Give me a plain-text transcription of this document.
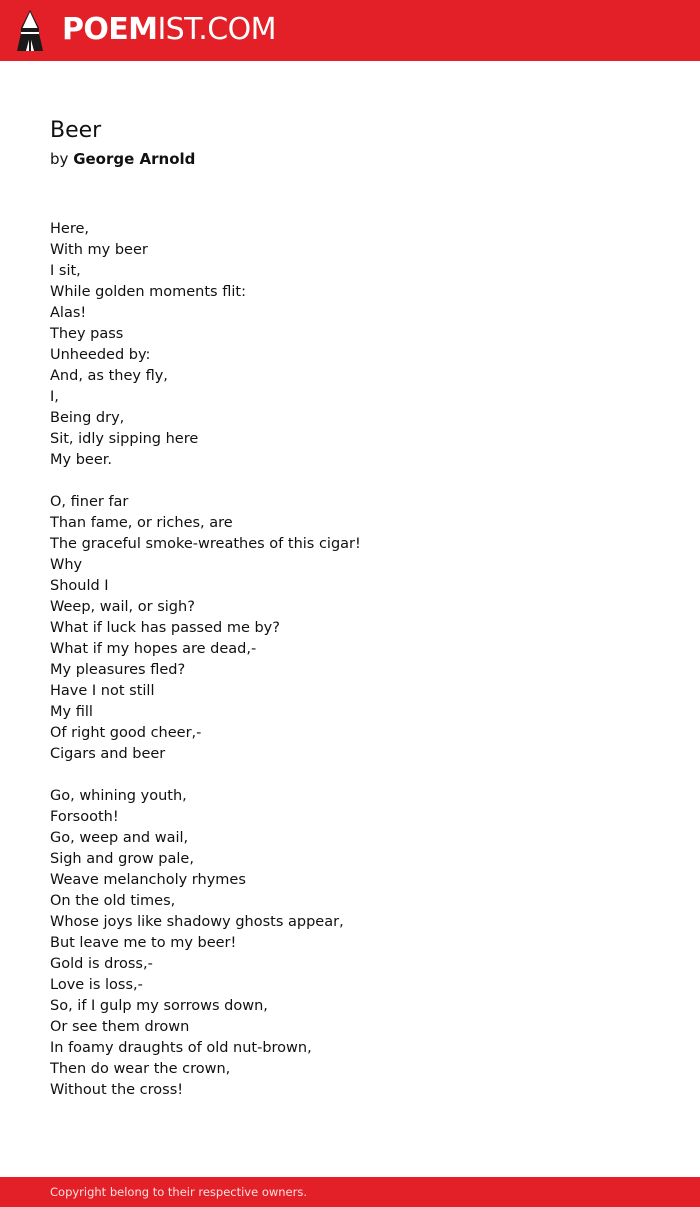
POEMIST.COM
Beer
by George Arnold
Here,
With my beer
I sit,
While golden moments flit:
Alas!
They pass
Unheeded by:
And, as they fly,
I,
Being dry,
Sit, idly sipping here
My beer.
O, finer far
Than fame, or riches, are
The graceful smoke-wreathes of this cigar!
Why
Should I
Weep, wail, or sigh?
What if luck has passed me by?
What if my hopes are dead,-
My pleasures fled?
Have I not still
My fill
Of right good cheer,-
Cigars and beer
Go, whining youth,
Forsooth!
Go, weep and wail,
Sigh and grow pale,
Weave melancholy rhymes
On the old times,
Whose joys like shadowy ghosts appear,
But leave me to my beer!
Gold is dross,-
Love is loss,-
So, if I gulp my sorrows down,
Or see them drown
In foamy draughts of old nut-brown,
Then do wear the crown,
Without the cross!
Copyright belong to their respective owners.
